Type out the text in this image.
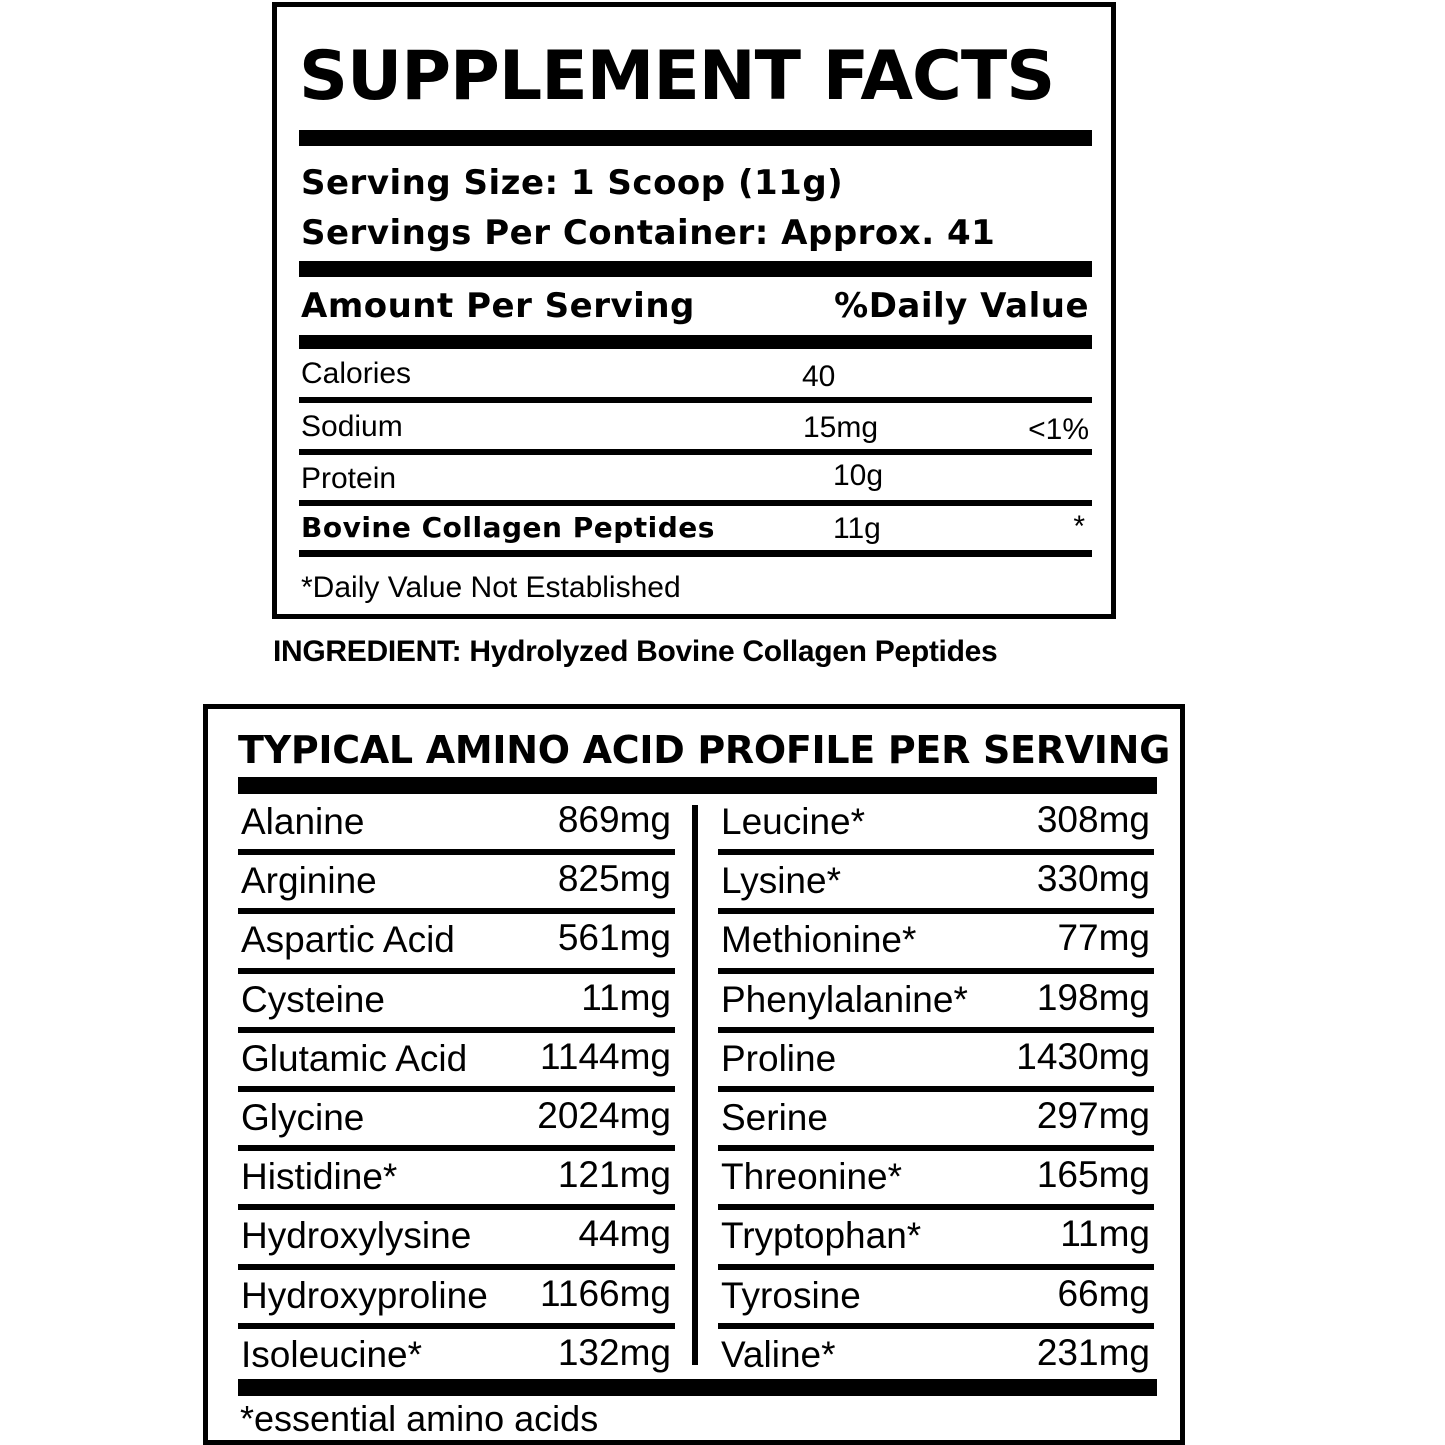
SUPPLEMENT FACTS
Serving Size: 1 Scoop (11g)
Servings Per Container: Approx. 41
Amount Per Serving	%Daily Value
Calories	40
Sodium	15mg	<1%
Protein	10g
Bovine Collagen Peptides	11g	*
*Daily Value Not Established
INGREDIENT: Hydrolyzed Bovine Collagen Peptides
TYPICAL AMINO ACID PROFILE PER SERVING
Alanine	869mg
Arginine	825mg
Aspartic Acid	561mg
Cysteine	11mg
Glutamic Acid 1144mg
Glycine	2024mg
Histidine*	121mg
Hydroxylysine	44mg
Hydroxyproline 1166mg
Isoleucine*	132mg
Leucine*	308mg
Lysine*	330mg
Methionine*	77mg
Phenylalanine* 198mg
Proline	1430mg
Serine	297mg
Threonine*	165mg
Tryptophan*	11mg
Tyrosine	66mg
Valine*	231mg
*essential amino acids
